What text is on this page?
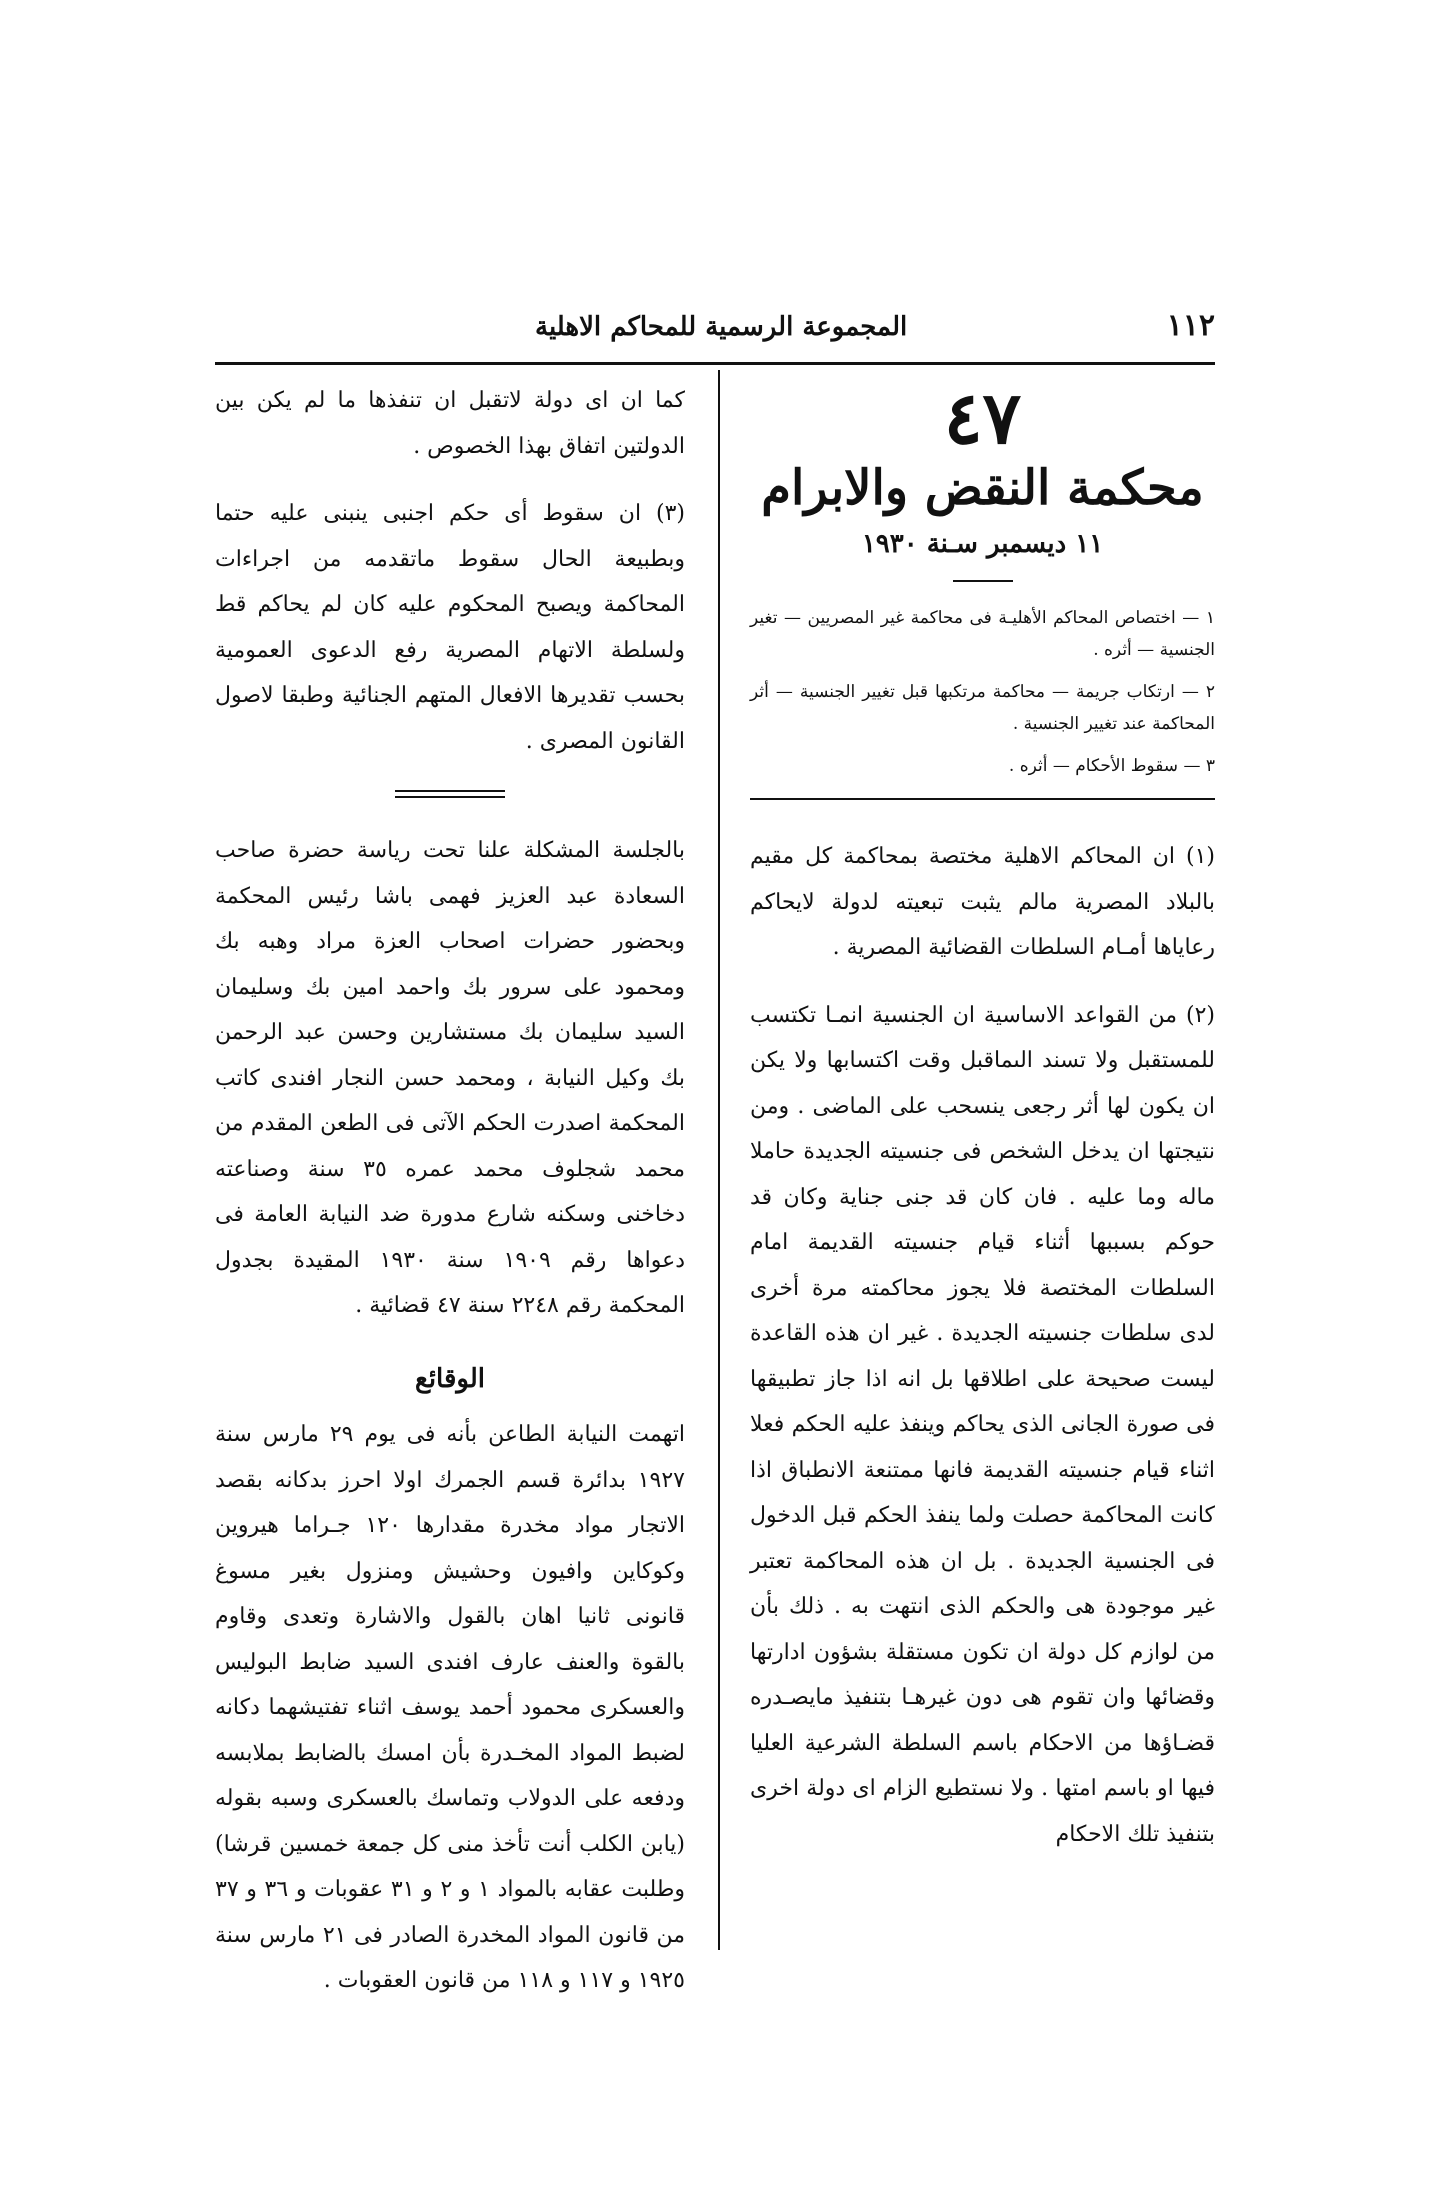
١١٢
المجموعة الرسمية للمحاكم الاهلية
٤٧
محكمة النقض والابرام
١١ ديسمبر سـنة ١٩٣٠
١ — اختصاص المحاكم الأهليـة فى محاكمة غير المصريين — تغير الجنسية — أثره .
٢ — ارتكاب جريمة — محاكمة مرتكبها قبل تغيير الجنسية — أثر المحاكمة عند تغيير الجنسية .
٣ — سقوط الأحكام — أثره .

(١) ان المحاكم الاهلية مختصة بمحاكمة كل مقيم بالبلاد المصرية مالم يثبت تبعيته لدولة لايحاكم رعاياها أمـام السلطات القضائية المصرية .

(٢) من القواعد الاساسية ان الجنسية انمـا تكتسب للمستقبل ولا تسند الىماقبل وقت اكتسابها ولا يكن ان يكون لها أثر رجعى ينسحب على الماضى . ومن نتيجتها ان يدخل الشخص فى جنسيته الجديدة حاملا ماله وما عليه . فان كان قد جنى جناية وكان قد حوكم بسببها أثناء قيام جنسيته القديمة امام السلطات المختصة فلا يجوز محاكمته مرة أخرى لدى سلطات جنسيته الجديدة . غير ان هذه القاعدة ليست صحيحة على اطلاقها بل انه اذا جاز تطبيقها فى صورة الجانى الذى يحاكم وينفذ عليه الحكم فعلا اثناء قيام جنسيته القديمة فانها ممتنعة الانطباق اذا كانت المحاكمة حصلت ولما ينفذ الحكم قبل الدخول فى الجنسية الجديدة . بل ان هذه المحاكمة تعتبر غير موجودة هى والحكم الذى انتهت به . ذلك بأن من لوازم كل دولة ان تكون مستقلة بشؤون ادارتها وقضائها وان تقوم هى دون غيرهـا بتنفيذ مايصـدره قضـاؤها من الاحكام باسم السلطة الشرعية العليا فيها او باسم امتها . ولا نستطيع الزام اى دولة اخرى بتنفيذ تلك الاحكام

كما ان اى دولة لاتقبل ان تنفذها ما لم يكن بين الدولتين اتفاق بهذا الخصوص .

(٣) ان سقوط أى حكم اجنبى ينبنى عليه حتما وبطبيعة الحال سقوط ماتقدمه من اجراءات المحاكمة ويصبح المحكوم عليه كان لم يحاكم قط ولسلطة الاتهام المصرية رفع الدعوى العمومية بحسب تقديرها الافعال المتهم الجنائية وطبقا لاصول القانون المصرى .

بالجلسة المشكلة علنا تحت رياسة حضرة صاحب السعادة عبد العزيز فهمى باشا رئيس المحكمة وبحضور حضرات اصحاب العزة مراد وهبه بك ومحمود على سرور بك واحمد امين بك وسليمان السيد سليمان بك مستشارين وحسن عبد الرحمن بك وكيل النيابة ، ومحمد حسن النجار افندى كاتب المحكمة اصدرت الحكم الآتى فى الطعن المقدم من محمد شجلوف محمد عمره ٣٥ سنة وصناعته دخاخنى وسكنه شارع مدورة ضد النيابة العامة فى دعواها رقم ١٩٠٩ سنة ١٩٣٠ المقيدة بجدول المحكمة رقم ٢٢٤٨ سنة ٤٧ قضائية .

الوقائع

اتهمت النيابة الطاعن بأنه فى يوم ٢٩ مارس سنة ١٩٢٧ بدائرة قسم الجمرك اولا احرز بدكانه بقصد الاتجار مواد مخدرة مقدارها ١٢٠ جـراما هيروين وكوكاين وافيون وحشيش ومنزول بغير مسوغ قانونى ثانيا اهان بالقول والاشارة وتعدى وقاوم بالقوة والعنف عارف افندى السيد ضابط البوليس والعسكرى محمود أحمد يوسف اثناء تفتيشهما دكانه لضبط المواد المخـدرة بأن امسك بالضابط بملابسه ودفعه على الدولاب وتماسك بالعسكرى وسبه بقوله (يابن الكلب أنت تأخذ منى كل جمعة خمسين قرشا) وطلبت عقابه بالمواد ١ و ٢ و ٣١ عقوبات و ٣٦ و ٣٧ من قانون المواد المخدرة الصادر فى ٢١ مارس سنة ١٩٢٥ و ١١٧ و ١١٨ من قانون العقوبات .
